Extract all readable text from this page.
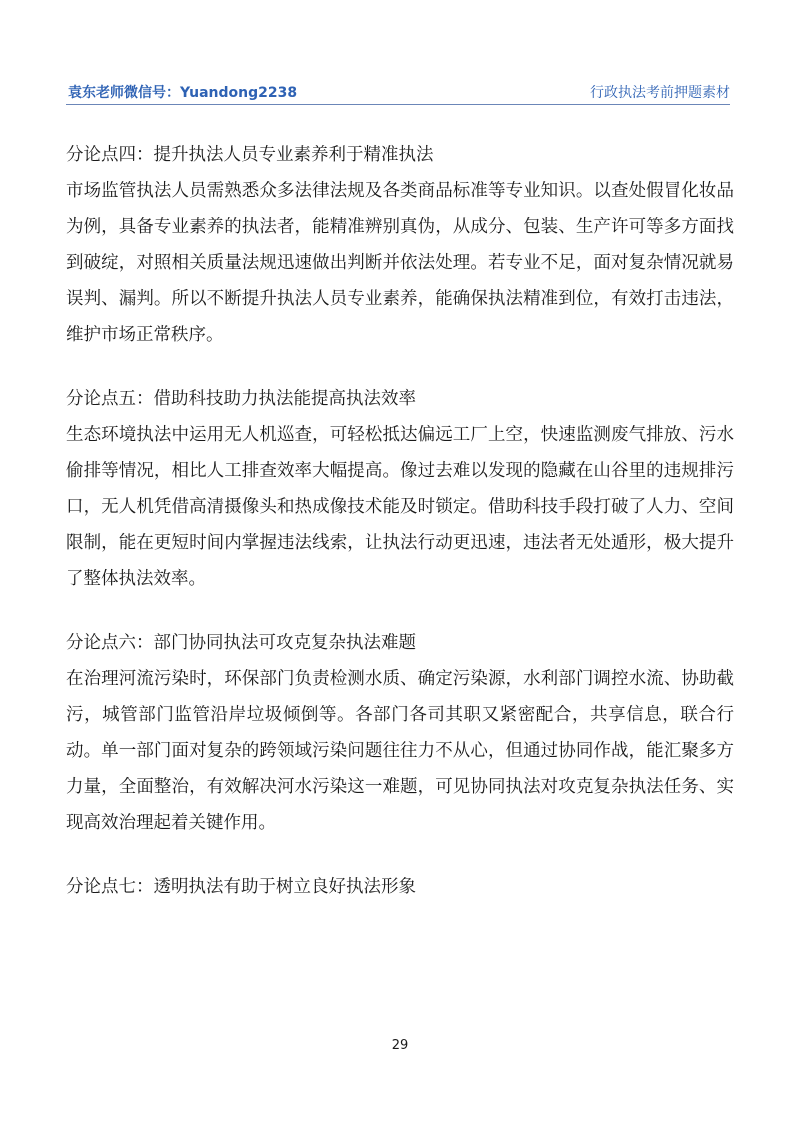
袁东老师微信号：Yuandong2238	行政执法考前押题素材

分论点四：提升执法人员专业素养利于精准执法

市场监管执法人员需熟悉众多法律法规及各类商品标准等专业知识。以查处假冒化妆品为例，具备专业素养的执法者，能精准辨别真伪，从成分、包装、生产许可等多方面找到破绽，对照相关质量法规迅速做出判断并依法处理。若专业不足，面对复杂情况就易误判、漏判。所以不断提升执法人员专业素养，能确保执法精准到位，有效打击违法，维护市场正常秩序。

分论点五：借助科技助力执法能提高执法效率

生态环境执法中运用无人机巡查，可轻松抵达偏远工厂上空，快速监测废气排放、污水偷排等情况，相比人工排查效率大幅提高。像过去难以发现的隐藏在山谷里的违规排污口，无人机凭借高清摄像头和热成像技术能及时锁定。借助科技手段打破了人力、空间限制，能在更短时间内掌握违法线索，让执法行动更迅速，违法者无处遁形，极大提升了整体执法效率。

分论点六：部门协同执法可攻克复杂执法难题

在治理河流污染时，环保部门负责检测水质、确定污染源，水利部门调控水流、协助截污，城管部门监管沿岸垃圾倾倒等。各部门各司其职又紧密配合，共享信息，联合行动。单一部门面对复杂的跨领域污染问题往往力不从心，但通过协同作战，能汇聚多方力量，全面整治，有效解决河水污染这一难题，可见协同执法对攻克复杂执法任务、实现高效治理起着关键作用。

分论点七：透明执法有助于树立良好执法形象

29
